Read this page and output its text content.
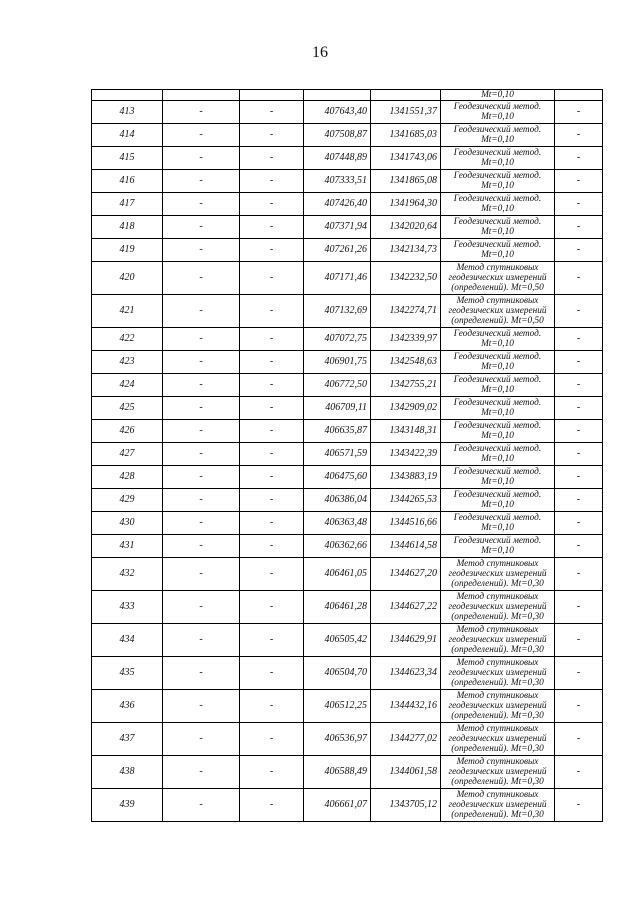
16
					Mt=0,10	
413	-	-	407643,40	1341551,37	Геодезический метод. Mt=0,10	-
414	-	-	407508,87	1341685,03	Геодезический метод. Mt=0,10	-
415	-	-	407448,89	1341743,06	Геодезический метод. Mt=0,10	-
416	-	-	407333,51	1341865,08	Геодезический метод. Mt=0,10	-
417	-	-	407426,40	1341964,30	Геодезический метод. Mt=0,10	-
418	-	-	407371,94	1342020,64	Геодезический метод. Mt=0,10	-
419	-	-	407261,26	1342134,73	Геодезический метод. Mt=0,10	-
420	-	-	407171,46	1342232,50	Метод спутниковых геодезических измерений (определений). Mt=0,50	-
421	-	-	407132,69	1342274,71	Метод спутниковых геодезических измерений (определений). Mt=0,50	-
422	-	-	407072,75	1342339,97	Геодезический метод. Mt=0,10	-
423	-	-	406901,75	1342548,63	Геодезический метод. Mt=0,10	-
424	-	-	406772,50	1342755,21	Геодезический метод. Mt=0,10	-
425	-	-	406709,11	1342909,02	Геодезический метод. Mt=0,10	-
426	-	-	406635,87	1343148,31	Геодезический метод. Mt=0,10	-
427	-	-	406571,59	1343422,39	Геодезический метод. Mt=0,10	-
428	-	-	406475,60	1343883,19	Геодезический метод. Mt=0,10	-
429	-	-	406386,04	1344265,53	Геодезический метод. Mt=0,10	-
430	-	-	406363,48	1344516,66	Геодезический метод. Mt=0,10	-
431	-	-	406362,66	1344614,58	Геодезический метод. Mt=0,10	-
432	-	-	406461,05	1344627,20	Метод спутниковых геодезических измерений (определений). Mt=0,30	-
433	-	-	406461,28	1344627,22	Метод спутниковых геодезических измерений (определений). Mt=0,30	-
434	-	-	406505,42	1344629,91	Метод спутниковых геодезических измерений (определений). Mt=0,30	-
435	-	-	406504,70	1344623,34	Метод спутниковых геодезических измерений (определений). Mt=0,30	-
436	-	-	406512,25	1344432,16	Метод спутниковых геодезических измерений (определений). Mt=0,30	-
437	-	-	406536,97	1344277,02	Метод спутниковых геодезических измерений (определений). Mt=0,30	-
438	-	-	406588,49	1344061,58	Метод спутниковых геодезических измерений (определений). Mt=0,30	-
439	-	-	406661,07	1343705,12	Метод спутниковых геодезических измерений (определений). Mt=0,30	-
